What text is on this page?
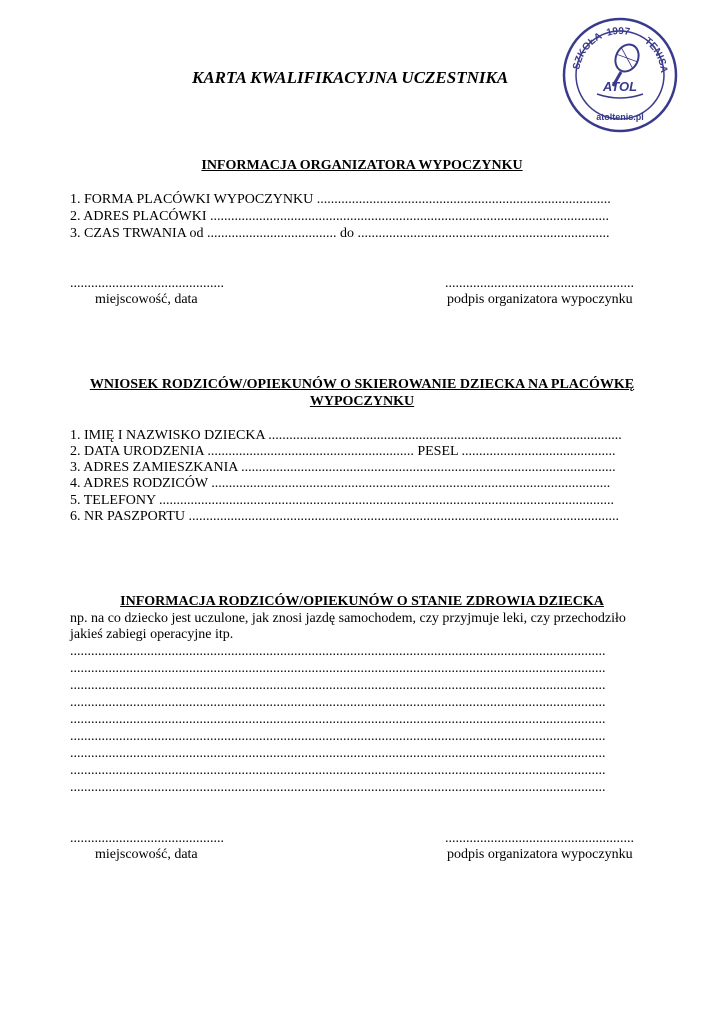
KARTA KWALIFIKACYJNA UCZESTNIKA
SZKOŁA 1997
TENISA
ATOL
atoltenis.pl
INFORMACJA ORGANIZATORA WYPOCZYNKU
1. FORMA PLACÓWKI WYPOCZYNKU ....................................................................................
2. ADRES PLACÓWKI ..................................................................................................................
3. CZAS TRWANIA od ..................................... do ........................................................................
............................................
miejscowość, data
......................................................
podpis organizatora wypoczynku
WNIOSEK RODZICÓW/OPIEKUNÓW O SKIEROWANIE DZIECKA NA PLACÓWKĘ
WYPOCZYNKU
1. IMIĘ I NAZWISKO DZIECKA .....................................................................................................
2. DATA URODZENIA ........................................................... PESEL ............................................
3. ADRES ZAMIESZKANIA ...........................................................................................................
4. ADRES RODZICÓW ..................................................................................................................
5. TELEFONY ..................................................................................................................................
6. NR PASZPORTU ...........................................................................................................................
INFORMACJA RODZICÓW/OPIEKUNÓW O STANIE ZDROWIA DZIECKA
np. na co dziecko jest uczulone, jak znosi jazdę samochodem, czy przyjmuje leki, czy przechodziło
jakieś zabiegi operacyjne itp.
.........................................................................................................................................................
.........................................................................................................................................................
.........................................................................................................................................................
.........................................................................................................................................................
.........................................................................................................................................................
.........................................................................................................................................................
.........................................................................................................................................................
.........................................................................................................................................................
.........................................................................................................................................................
............................................
miejscowość, data
......................................................
podpis organizatora wypoczynku
